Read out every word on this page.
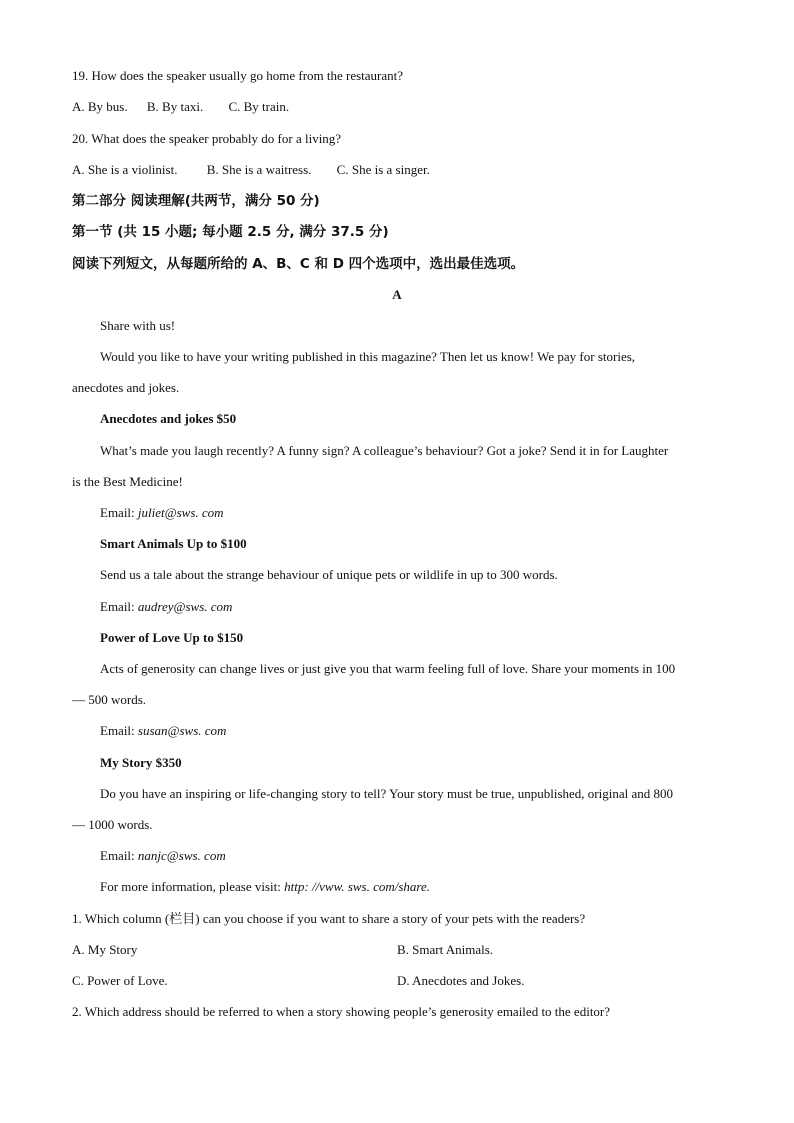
19. How does the speaker usually go home from the restaurant?
A. By bus. B. By taxi. C. By train.
20. What does the speaker probably do for a living?
A. She is a violinist. B. She is a waitress. C. She is a singer.
第二部分 阅读理解(共两节，满分 50 分)
第一节 (共 15 小题; 每小题 2.5 分, 满分 37.5 分)
阅读下列短文，从每题所给的 A、B、C 和 D 四个选项中，选出最佳选项。
A
Share with us!
Would you like to have your writing published in this magazine? Then let us know! We pay for stories,
anecdotes and jokes.
Anecdotes and jokes $50
What’s made you laugh recently? A funny sign? A colleague’s behaviour? Got a joke? Send it in for Laughter
is the Best Medicine!
Email: juliet@sws. com
Smart Animals Up to $100
Send us a tale about the strange behaviour of unique pets or wildlife in up to 300 words.
Email: audrey@sws. com
Power of Love Up to $150
Acts of generosity can change lives or just give you that warm feeling full of love. Share your moments in 100
— 500 words.
Email: susan@sws. com
My Story $350
Do you have an inspiring or life-changing story to tell? Your story must be true, unpublished, original and 800
— 1000 words.
Email: nanjc@sws. com
For more information, please visit: http: //vww. sws. com/share.
1. Which column (栏目) can you choose if you want to share a story of your pets with the readers?
A. My Story	B. Smart Animals.
C. Power of Love.	D. Anecdotes and Jokes.
2. Which address should be referred to when a story showing people’s generosity emailed to the editor?
